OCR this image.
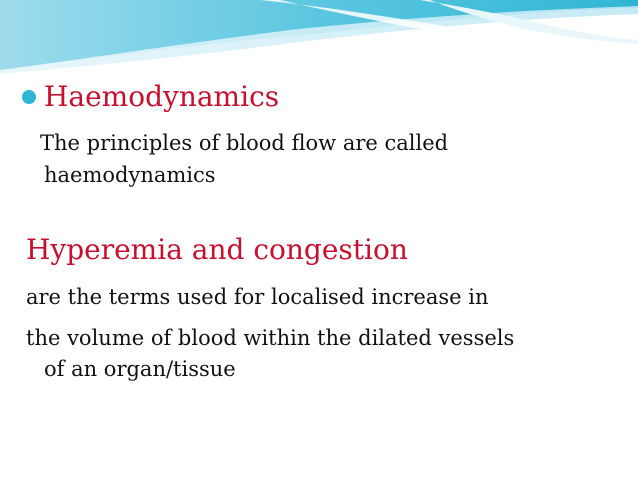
Haemodynamics
The principles of blood flow are called
haemodynamics
Hyperemia and congestion
are the terms used for localised increase in
the volume of blood within the dilated vessels
of an organ/tissue
